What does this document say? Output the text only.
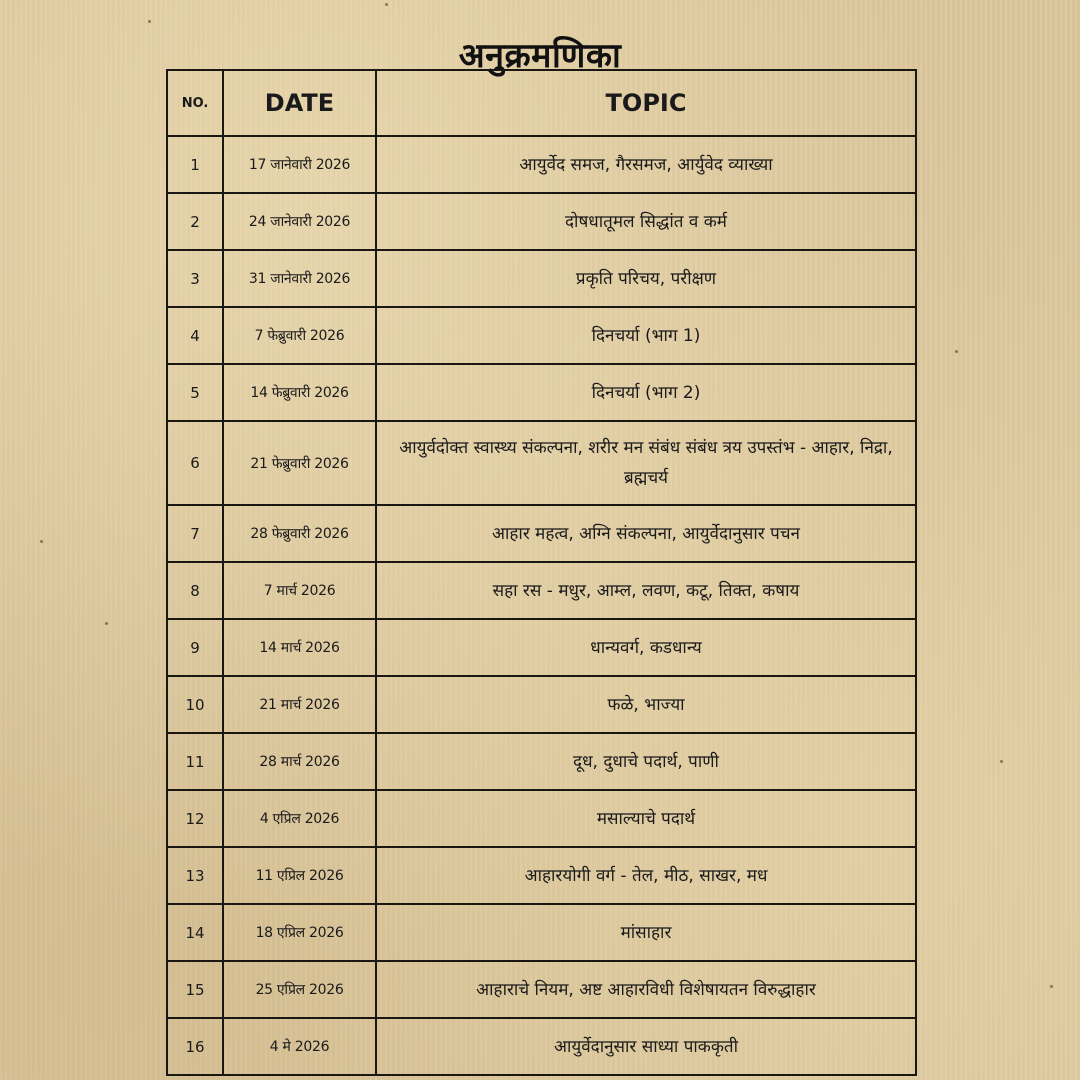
अनुक्रमणिका
NO.	DATE	TOPIC
1	17 जानेवारी 2026	आयुर्वेद समज, गैरसमज, आर्युवेद व्याख्या
2	24 जानेवारी 2026	दोषधातूमल सिद्धांत व कर्म
3	31 जानेवारी 2026	प्रकृति परिचय, परीक्षण
4	7 फेब्रुवारी 2026	दिनचर्या (भाग 1)
5	14 फेब्रुवारी 2026	दिनचर्या (भाग 2)
6	21 फेब्रुवारी 2026	आयुर्वदोक्त स्वास्थ्य संकल्पना, शरीर मन संबंध संबंध त्रय उपस्तंभ - आहार, निद्रा, ब्रह्मचर्य
7	28 फेब्रुवारी 2026	आहार महत्व, अग्नि संकल्पना, आयुर्वेदानुसार पचन
8	7 मार्च 2026	सहा रस - मधुर, आम्ल, लवण, कटू, तिक्त, कषाय
9	14 मार्च 2026	धान्यवर्ग, कडधान्य
10	21 मार्च 2026	फळे, भाज्या
11	28 मार्च 2026	दूध, दुधाचे पदार्थ, पाणी
12	4 एप्रिल 2026	मसाल्याचे पदार्थ
13	11 एप्रिल 2026	आहारयोगी वर्ग - तेल, मीठ, साखर, मध
14	18 एप्रिल 2026	मांसाहार
15	25 एप्रिल 2026	आहाराचे नियम, अष्ट आहारविधी विशेषायतन विरुद्धाहार
16	4 मे 2026	आयुर्वेदानुसार साध्या पाककृती
